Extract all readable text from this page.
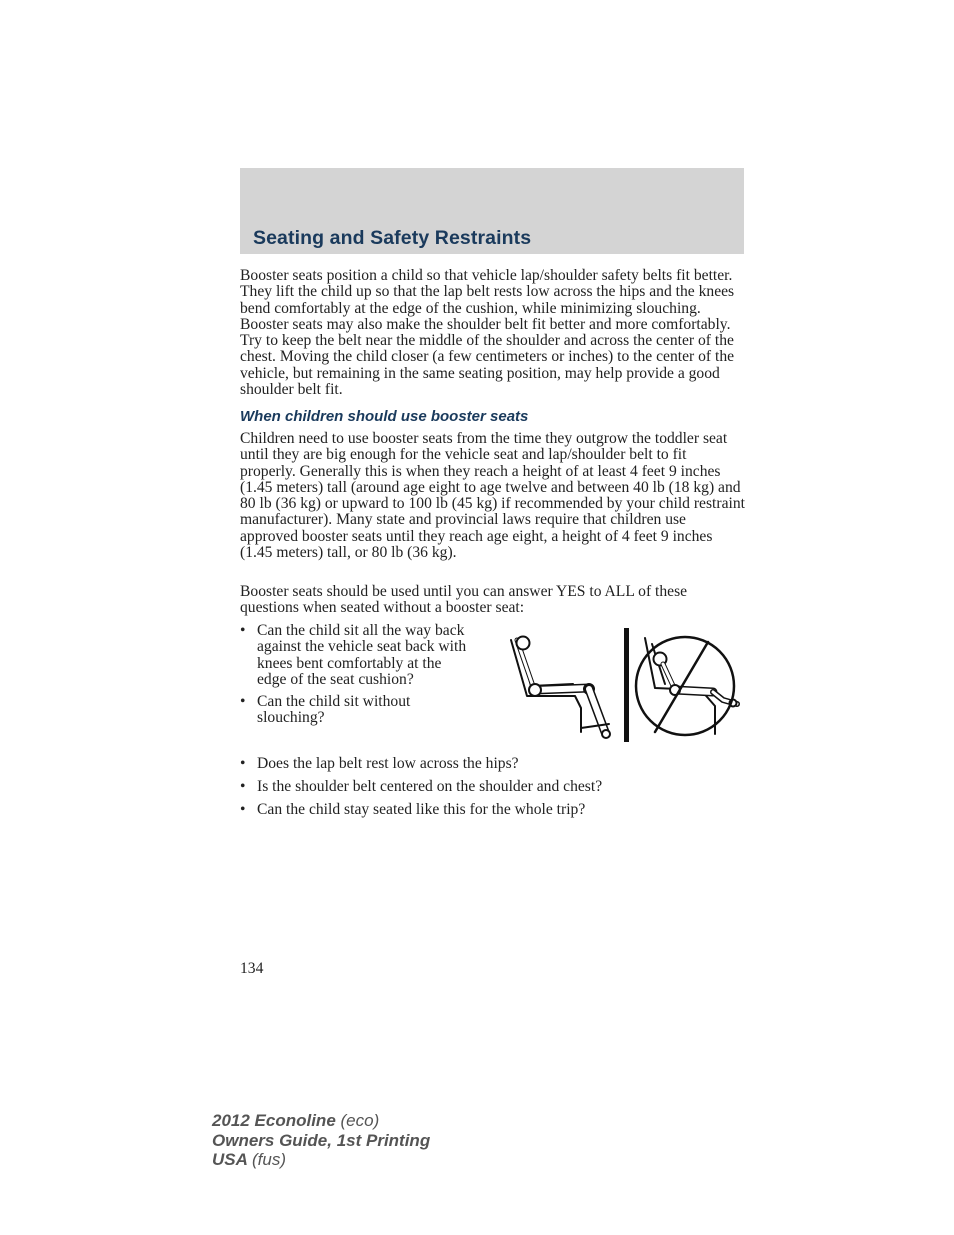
Seating and Safety Restraints

Booster seats position a child so that vehicle lap/shoulder safety belts fit better. They lift the child up so that the lap belt rests low across the hips and the knees bend comfortably at the edge of the cushion, while minimizing slouching. Booster seats may also make the shoulder belt fit better and more comfortably. Try to keep the belt near the middle of the shoulder and across the center of the chest. Moving the child closer (a few centimeters or inches) to the center of the vehicle, but remaining in the same seating position, may help provide a good shoulder belt fit.

When children should use booster seats

Children need to use booster seats from the time they outgrow the toddler seat until they are big enough for the vehicle seat and lap/shoulder belt to fit properly. Generally this is when they reach a height of at least 4 feet 9 inches (1.45 meters) tall (around age eight to age twelve and between 40 lb (18 kg) and 80 lb (36 kg) or upward to 100 lb (45 kg) if recommended by your child restraint manufacturer). Many state and provincial laws require that children use approved booster seats until they reach age eight, a height of 4 feet 9 inches (1.45 meters) tall, or 80 lb (36 kg).

Booster seats should be used until you can answer YES to ALL of these questions when seated without a booster seat:

• Can the child sit all the way back
against the vehicle seat back with
knees bent comfortably at the
edge of the seat cushion?
• Can the child sit without
slouching?
• Does the lap belt rest low across the hips?
• Is the shoulder belt centered on the shoulder and chest?
• Can the child stay seated like this for the whole trip?
134
2012 Econoline (eco)
Owners Guide, 1st Printing
USA (fus)
